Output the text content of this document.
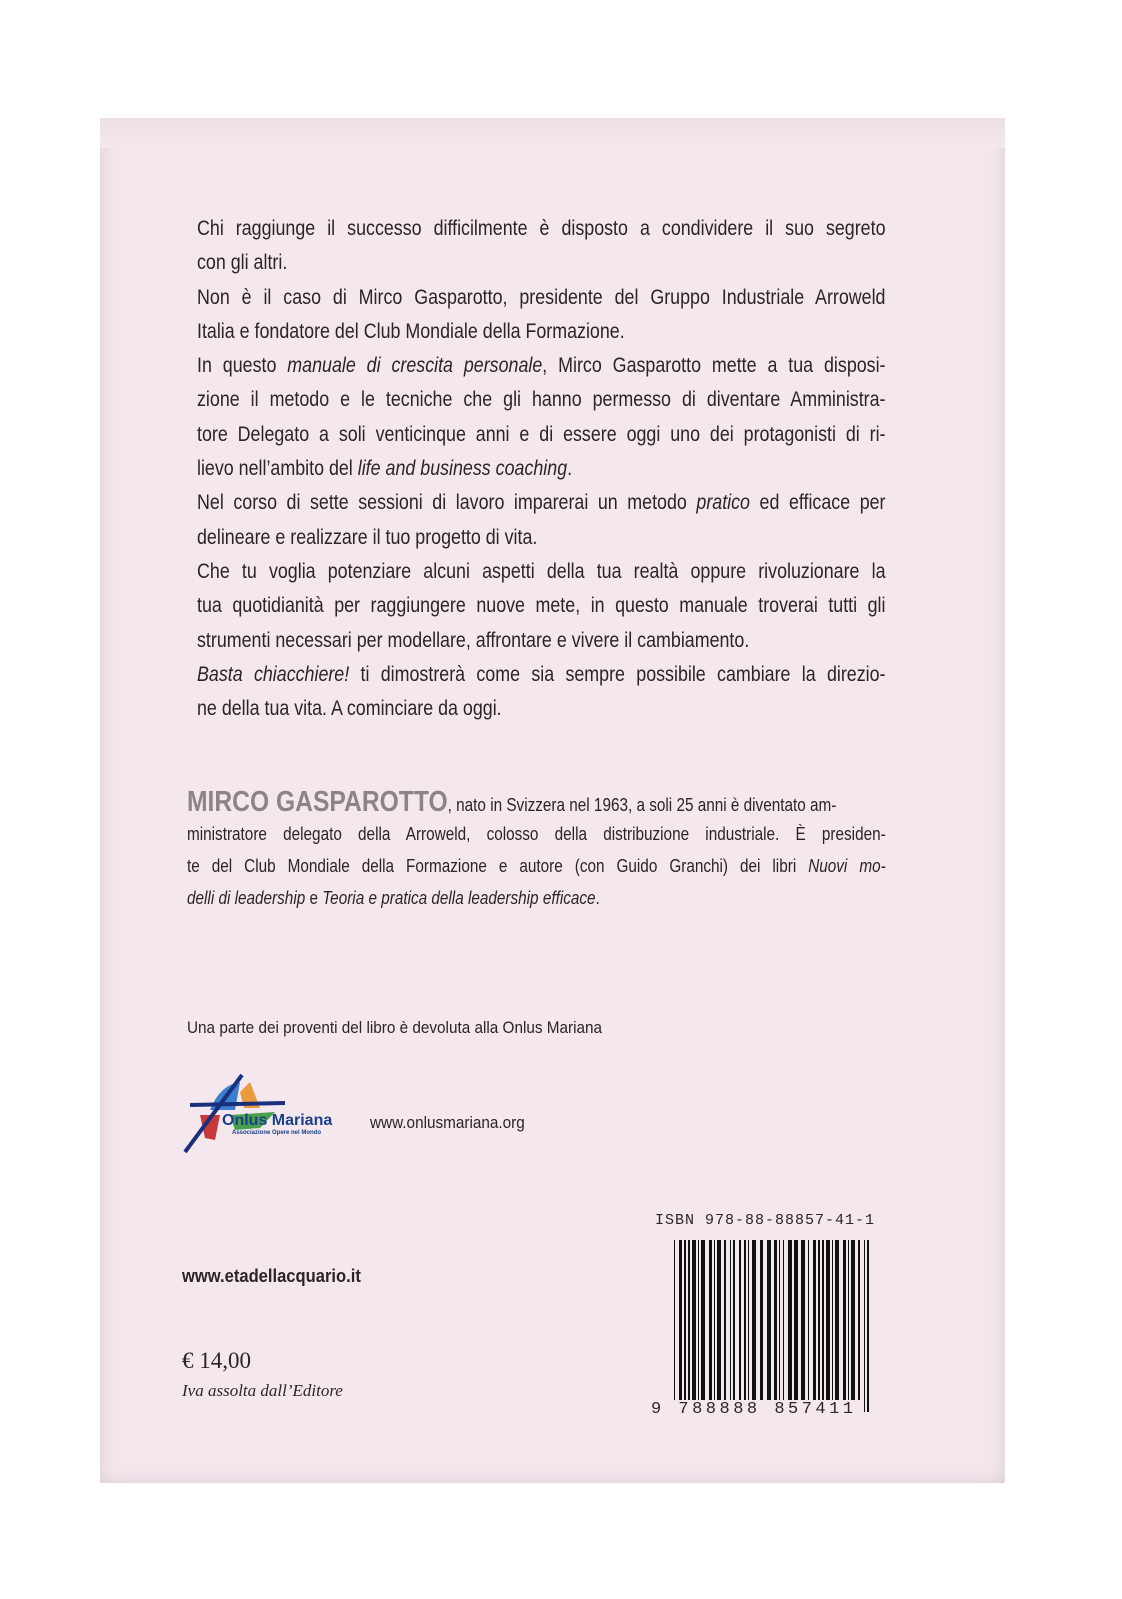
Chi raggiunge il successo difficilmente è disposto a condividere il suo segreto
con gli altri.
Non è il caso di Mirco Gasparotto, presidente del Gruppo Industriale Arroweld
Italia e fondatore del Club Mondiale della Formazione.
In questo manuale di crescita personale, Mirco Gasparotto mette a tua disposi-
zione il metodo e le tecniche che gli hanno permesso di diventare Amministra-
tore Delegato a soli venticinque anni e di essere oggi uno dei protagonisti di ri-
lievo nell’ambito del life and business coaching.
Nel corso di sette sessioni di lavoro imparerai un metodo pratico ed efficace per
delineare e realizzare il tuo progetto di vita.
Che tu voglia potenziare alcuni aspetti della tua realtà oppure rivoluzionare la
tua quotidianità per raggiungere nuove mete, in questo manuale troverai tutti gli
strumenti necessari per modellare, affrontare e vivere il cambiamento.
Basta chiacchiere! ti dimostrerà come sia sempre possibile cambiare la direzio-
ne della tua vita. A cominciare da oggi.
MIRCO GASPAROTTO, nato in Svizzera nel 1963, a soli 25 anni è diventato am-
ministratore delegato della Arroweld, colosso della distribuzione industriale. È presiden-
te del Club Mondiale della Formazione e autore (con Guido Granchi) dei libri Nuovi mo-
delli di leadership e Teoria e pratica della leadership efficace.
Una parte dei proventi del libro è devoluta alla Onlus Mariana
Onlus Mariana
Associazione Opere nel Mondo
www.onlusmariana.org
ISBN 978-88-88857-41-1
9 788888 857411
www.etadellacquario.it
€ 14,00
Iva assolta dall’Editore
